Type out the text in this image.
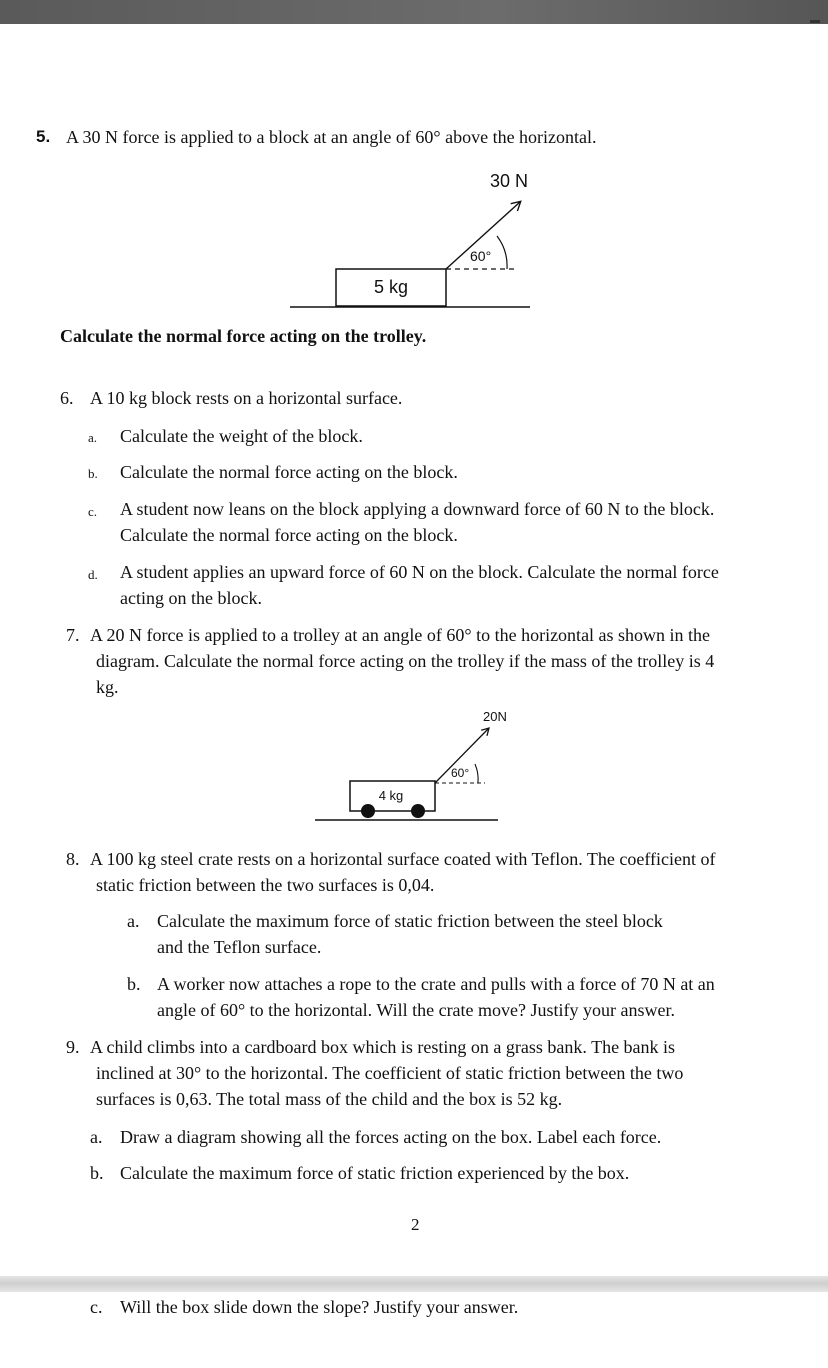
5. A 30 N force is applied to a block at an angle of 60° above the horizontal.
5 kg
60°
30 N
Calculate the normal force acting on the trolley.
6. A 10 kg block rests on a horizontal surface.
a. Calculate the weight of the block.
b. Calculate the normal force acting on the block.
c. A student now leans on the block applying a downward force of 60 N to the block.
Calculate the normal force acting on the block.
d. A student applies an upward force of 60 N on the block. Calculate the normal force
acting on the block.
7. A 20 N force is applied to a trolley at an angle of 60° to the horizontal as shown in the
diagram. Calculate the normal force acting on the trolley if the mass of the trolley is 4
kg.
4 kg
60°
20N
8. A 100 kg steel crate rests on a horizontal surface coated with Teflon. The coefficient of
static friction between the two surfaces is 0,04.
a. Calculate the maximum force of static friction between the steel block
and the Teflon surface.
b. A worker now attaches a rope to the crate and pulls with a force of 70 N at an
angle of 60° to the horizontal. Will the crate move? Justify your answer.
9. A child climbs into a cardboard box which is resting on a grass bank. The bank is
inclined at 30° to the horizontal. The coefficient of static friction between the two
surfaces is 0,63. The total mass of the child and the box is 52 kg.
a. Draw a diagram showing all the forces acting on the box. Label each force.
b. Calculate the maximum force of static friction experienced by the box.
2
c. Will the box slide down the slope? Justify your answer.
